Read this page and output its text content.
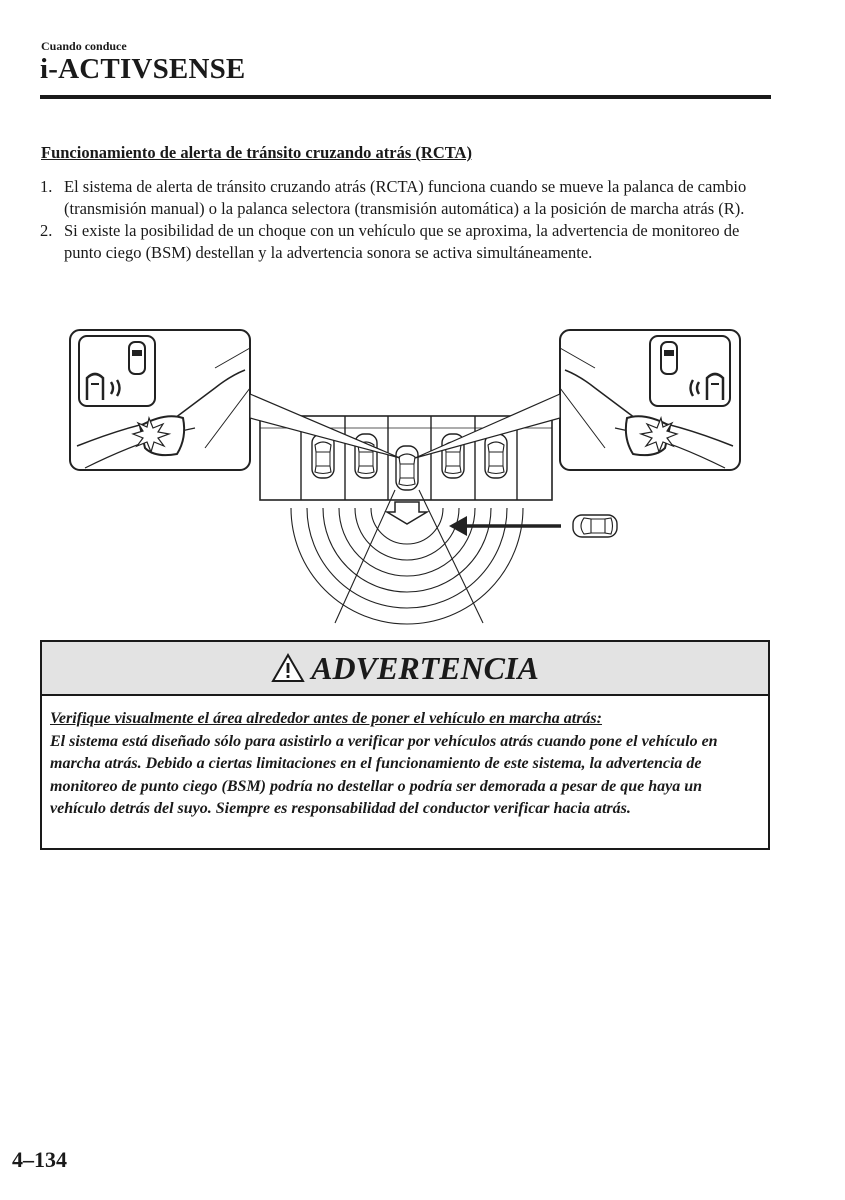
Cuando conduce
i-ACTIVSENSE
Funcionamiento de alerta de tránsito cruzando atrás (RCTA)
1. El sistema de alerta de tránsito cruzando atrás (RCTA) funciona cuando se mueve la palanca de cambio (transmisión manual) o la palanca selectora (transmisión automática) a la posición de marcha atrás (R).
2. Si existe la posibilidad de un choque con un vehículo que se aproxima, la advertencia de monitoreo de punto ciego (BSM) destellan y la advertencia sonora se activa simultáneamente.
ADVERTENCIA
Verifique visualmente el área alrededor antes de poner el vehículo en marcha atrás:
El sistema está diseñado sólo para asistirlo a verificar por vehículos atrás cuando pone el vehículo en marcha atrás. Debido a ciertas limitaciones en el funcionamiento de este sistema, la advertencia de monitoreo de punto ciego (BSM) podría no destellar o podría ser demorada a pesar de que haya un vehículo detrás del suyo. Siempre es responsabilidad del conductor verificar hacia atrás.
4–134
